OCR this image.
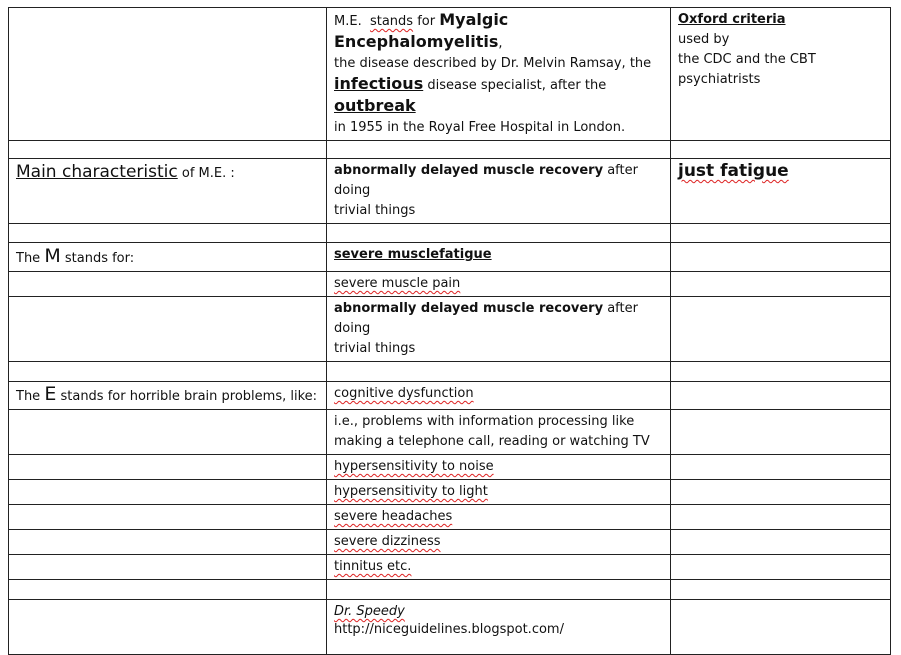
	M.E. stands for Myalgic Encephalomyelitis,
the disease described by Dr. Melvin Ramsay, the
infectious disease specialist, after the outbreak
in 1955 in the Royal Free Hospital in London.	Oxford criteria
used by
the CDC and the CBT
psychiatrists

Main characteristic of M.E. :	abnormally delayed muscle recovery after doing
trivial things	just fatigue

The M stands for:	severe musclefatigue	
	severe muscle pain	
	abnormally delayed muscle recovery after doing
trivial things	

The E stands for horrible brain problems, like:	cognitive dysfunction	
	i.e., problems with information processing like
making a telephone call, reading or watching TV	
	hypersensitivity to noise	
	hypersensitivity to light	
	severe headaches	
	severe dizziness	
	tinnitus etc.	

	Dr. Speedy
http://niceguidelines.blogspot.com/	
